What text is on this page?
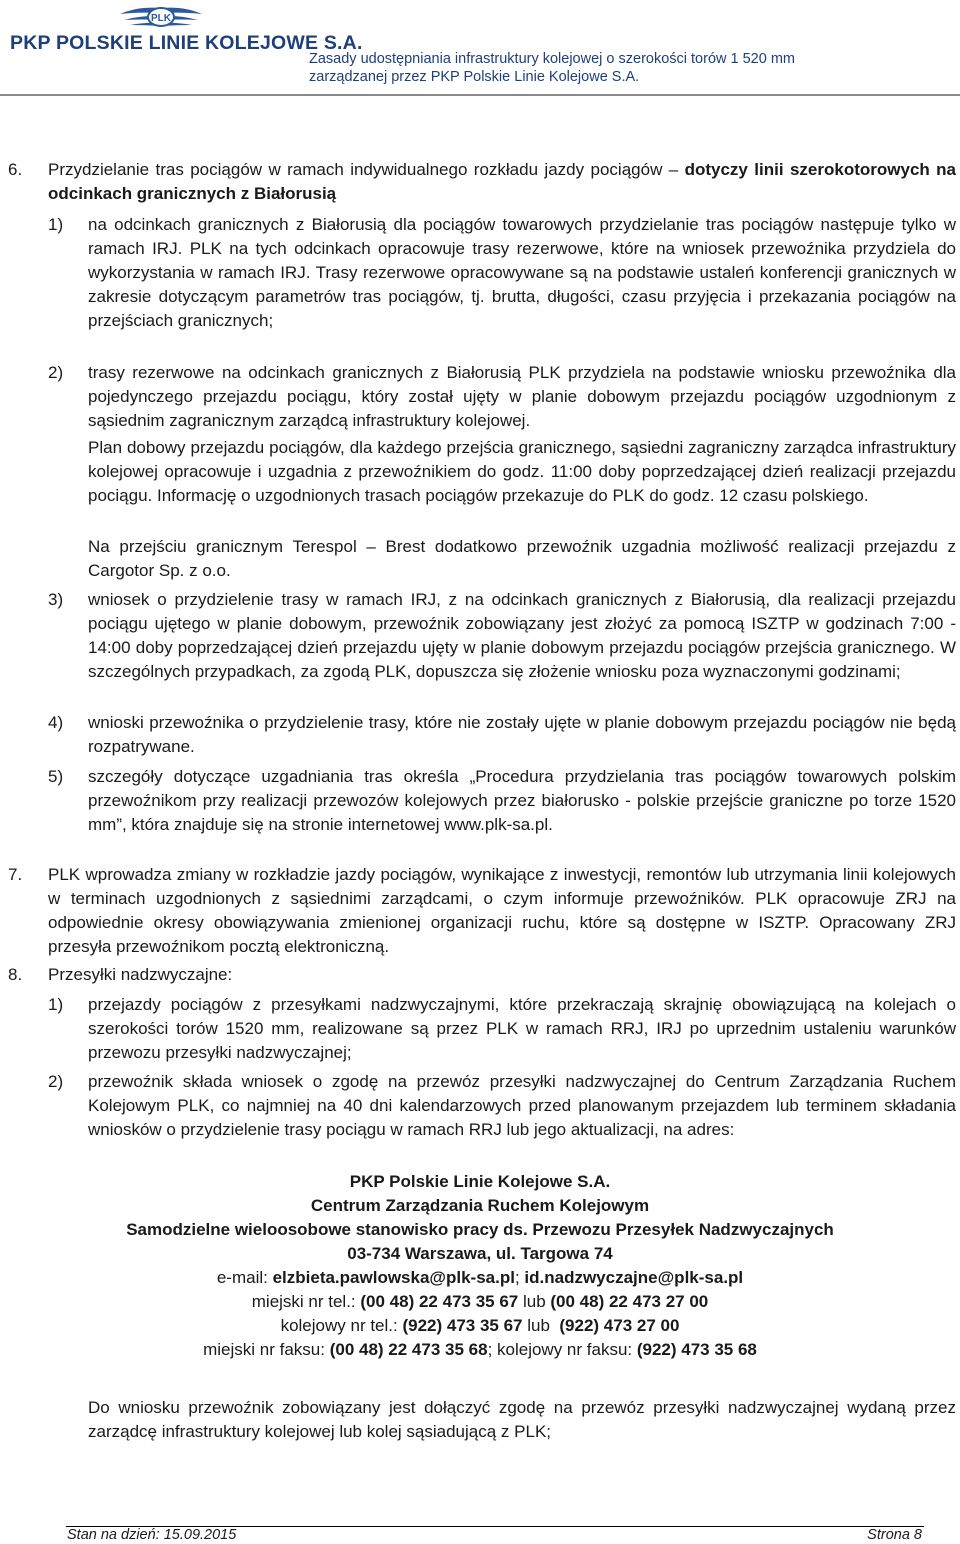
PLK
PKP POLSKIE LINIE KOLEJOWE S.A.
Zasady udostępniania infrastruktury kolejowej o szerokości torów 1 520 mm
zarządzanej przez PKP Polskie Linie Kolejowe S.A.
6. Przydzielanie tras pociągów w ramach indywidualnego rozkładu jazdy pociągów – dotyczy linii szerokotorowych na odcinkach granicznych z Białorusią
1) na odcinkach granicznych z Białorusią dla pociągów towarowych przydzielanie tras pociągów następuje tylko w ramach IRJ. PLK na tych odcinkach opracowuje trasy rezerwowe, które na wniosek przewoźnika przydziela do wykorzystania w ramach IRJ. Trasy rezerwowe opracowywane są na podstawie ustaleń konferencji granicznych w zakresie dotyczącym parametrów tras pociągów, tj. brutta, długości, czasu przyjęcia i przekazania pociągów na przejściach granicznych;
2) trasy rezerwowe na odcinkach granicznych z Białorusią PLK przydziela na podstawie wniosku przewoźnika dla pojedynczego przejazdu pociągu, który został ujęty w planie dobowym przejazdu pociągów uzgodnionym z sąsiednim zagranicznym zarządcą infrastruktury kolejowej.
Plan dobowy przejazdu pociągów, dla każdego przejścia granicznego, sąsiedni zagraniczny zarządca infrastruktury kolejowej opracowuje i uzgadnia z przewoźnikiem do godz. 11:00 doby poprzedzającej dzień realizacji przejazdu pociągu. Informację o uzgodnionych trasach pociągów przekazuje do PLK do godz. 12 czasu polskiego.
Na przejściu granicznym Terespol – Brest dodatkowo przewoźnik uzgadnia możliwość realizacji przejazdu z Cargotor Sp. z o.o.
3) wniosek o przydzielenie trasy w ramach IRJ, z na odcinkach granicznych z Białorusią, dla realizacji przejazdu pociągu ujętego w planie dobowym, przewoźnik zobowiązany jest złożyć za pomocą ISZTP w godzinach 7:00 - 14:00 doby poprzedzającej dzień przejazdu ujęty w planie dobowym przejazdu pociągów przejścia granicznego. W szczególnych przypadkach, za zgodą PLK, dopuszcza się złożenie wniosku poza wyznaczonymi godzinami;
4) wnioski przewoźnika o przydzielenie trasy, które nie zostały ujęte w planie dobowym przejazdu pociągów nie będą rozpatrywane.
5) szczegóły dotyczące uzgadniania tras określa „Procedura przydzielania tras pociągów towarowych polskim przewoźnikom przy realizacji przewozów kolejowych przez białorusko - polskie przejście graniczne po torze 1520 mm”, która znajduje się na stronie internetowej www.plk-sa.pl.
7. PLK wprowadza zmiany w rozkładzie jazdy pociągów, wynikające z inwestycji, remontów lub utrzymania linii kolejowych w terminach uzgodnionych z sąsiednimi zarządcami, o czym informuje przewoźników. PLK opracowuje ZRJ na odpowiednie okresy obowiązywania zmienionej organizacji ruchu, które są dostępne w ISZTP. Opracowany ZRJ przesyła przewoźnikom pocztą elektroniczną.
8. Przesyłki nadzwyczajne:
1) przejazdy pociągów z przesyłkami nadzwyczajnymi, które przekraczają skrajnię obowiązującą na kolejach o szerokości torów 1520 mm, realizowane są przez PLK w ramach RRJ, IRJ po uprzednim ustaleniu warunków przewozu przesyłki nadzwyczajnej;
2) przewoźnik składa wniosek o zgodę na przewóz przesyłki nadzwyczajnej do Centrum Zarządzania Ruchem Kolejowym PLK, co najmniej na 40 dni kalendarzowych przed planowanym przejazdem lub terminem składania wniosków o przydzielenie trasy pociągu w ramach RRJ lub jego aktualizacji, na adres:
PKP Polskie Linie Kolejowe S.A.
Centrum Zarządzania Ruchem Kolejowym
Samodzielne wieloosobowe stanowisko pracy ds. Przewozu Przesyłek Nadzwyczajnych
03-734 Warszawa, ul. Targowa 74
e-mail: elzbieta.pawlowska@plk-sa.pl; id.nadzwyczajne@plk-sa.pl
miejski nr tel.: (00 48) 22 473 35 67 lub (00 48) 22 473 27 00
kolejowy nr tel.: (922) 473 35 67 lub  (922) 473 27 00
miejski nr faksu: (00 48) 22 473 35 68; kolejowy nr faksu: (922) 473 35 68
Do wniosku przewoźnik zobowiązany jest dołączyć zgodę na przewóz przesyłki nadzwyczajnej wydaną przez zarządcę infrastruktury kolejowej lub kolej sąsiadującą z PLK;
Stan na dzień: 15.09.2015	Strona 8
